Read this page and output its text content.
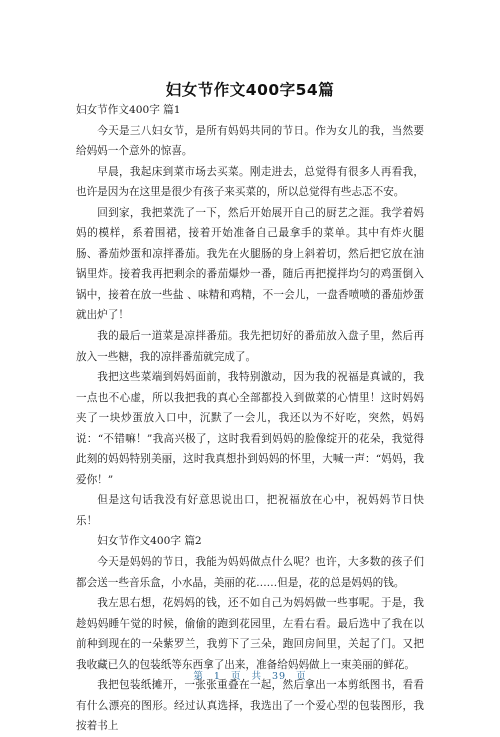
妇女节作文400字54篇

妇女节作文400字 篇1

今天是三八妇女节，是所有妈妈共同的节日。作为女儿的我，当然要给妈妈一个意外的惊喜。

早晨，我起床到菜市场去买菜。刚走进去，总觉得有很多人再看我，也许是因为在这里是很少有孩子来买菜的，所以总觉得有些忐忑不安。

回到家，我把菜洗了一下，然后开始展开自己的厨艺之涯。我学着妈妈的模样，系着围裙，接着开始准备自己最拿手的菜单。其中有炸火腿肠、番茄炒蛋和凉拌番茄。我先在火腿肠的身上斜着切，然后把它放在油锅里炸。接着我再把剩余的番茄爆炒一番，随后再把搅拌均匀的鸡蛋倒入锅中，接着在放一些盐 、味精和鸡精，不一会儿，一盘香喷喷的番茄炒蛋就出炉了！

我的最后一道菜是凉拌番茄。我先把切好的番茄放入盘子里，然后再放入一些糖，我的凉拌番茄就完成了。

我把这些菜端到妈妈面前，我特别激动，因为我的祝福是真诚的，我一点也不心虚，所以我把我的真心全部都投入到做菜的心情里！这时妈妈夹了一块炒蛋放入口中，沉默了一会儿，我还以为不好吃，突然，妈妈说：“不错嘛！”我高兴极了，这时我看到妈妈的脸像绽开的花朵，我觉得此刻的妈妈特别美丽，这时我真想扑到妈妈的怀里，大喊一声：“妈妈，我爱你！”

但是这句话我没有好意思说出口，把祝福放在心中，祝妈妈节日快乐！

妇女节作文400字 篇2

今天是妈妈的节日，我能为妈妈做点什么呢？也许，大多数的孩子们都会送一些音乐盒，小水晶，美丽的花……但是，花的总是妈妈的钱。

我左思右想，花妈妈的钱，还不如自己为妈妈做一些事呢。于是，我趁妈妈睡午觉的时候，偷偷的跑到花园里，左看右看。最后选中了我在以前种到现在的一朵紫罗兰，我剪下了三朵，跑回房间里，关起了门。又把我收藏已久的包装纸等东西拿了出来，准备给妈妈做上一束美丽的鲜花。

我把包装纸摊开，一张张重叠在一起，然后拿出一本剪纸图书，看看有什么漂亮的图形。经过认真选择，我选出了一个爱心型的包装图形，我按着书上

第 1 页 共 39 页
